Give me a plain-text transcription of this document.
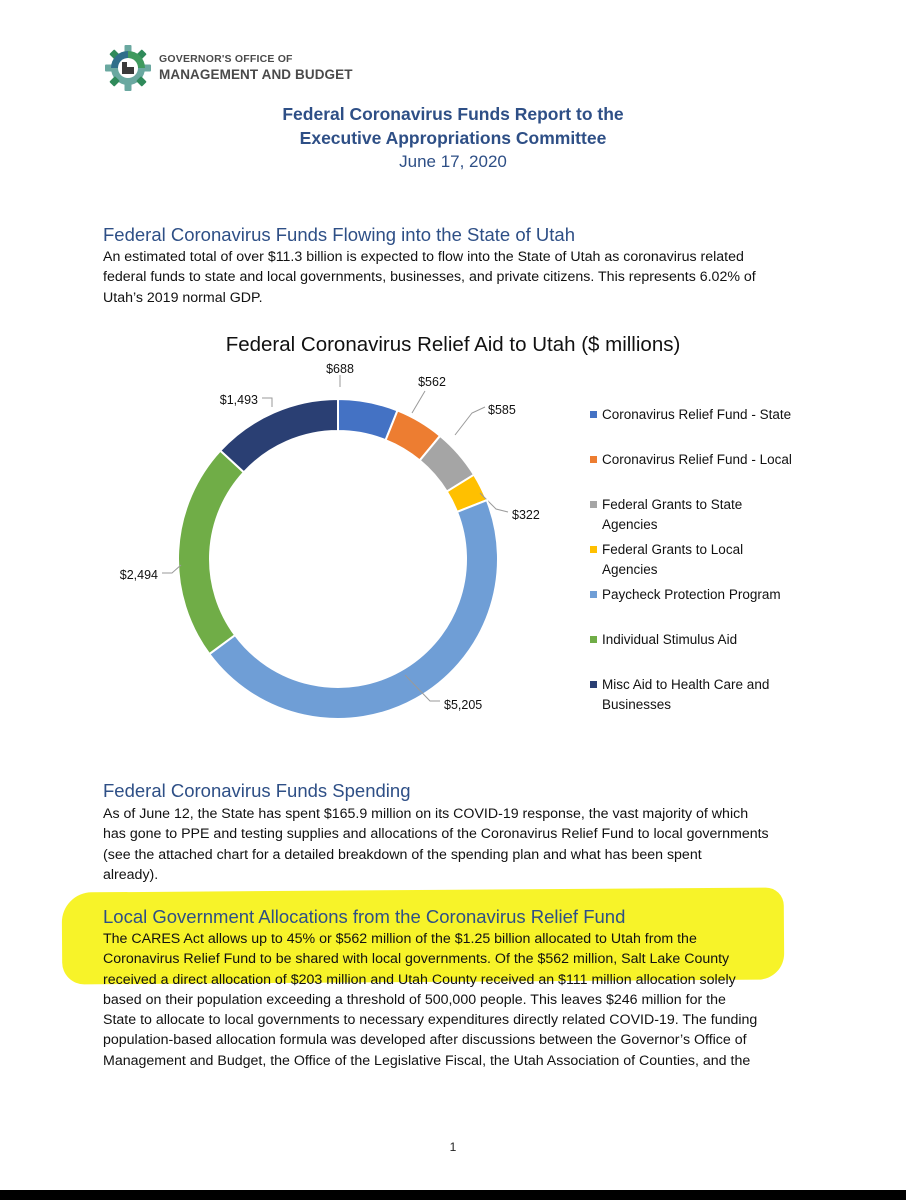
GOVERNOR'S OFFICE OF
MANAGEMENT AND BUDGET
Federal Coronavirus Funds Report to the
Executive Appropriations Committee
June 17, 2020
Federal Coronavirus Funds Flowing into the State of Utah
An estimated total of over $11.3 billion is expected to flow into the State of Utah as coronavirus related
federal funds to state and local governments, businesses, and private citizens. This represents 6.02% of
Utah’s 2019 normal GDP.
Federal Coronavirus Relief Aid to Utah ($ millions)
$688
$562
$585
$322
$5,205
$2,494
$1,493
Coronavirus Relief Fund - State
Coronavirus Relief Fund - Local
Federal Grants to State
Agencies
Federal Grants to Local
Agencies
Paycheck Protection Program
Individual Stimulus Aid
Misc Aid to Health Care and
Businesses
Federal Coronavirus Funds Spending
As of June 12, the State has spent $165.9 million on its COVID-19 response, the vast majority of which
has gone to PPE and testing supplies and allocations of the Coronavirus Relief Fund to local governments
(see the attached chart for a detailed breakdown of the spending plan and what has been spent
already).
Local Government Allocations from the Coronavirus Relief Fund
The CARES Act allows up to 45% or $562 million of the $1.25 billion allocated to Utah from the
Coronavirus Relief Fund to be shared with local governments. Of the $562 million, Salt Lake County
received a direct allocation of $203 million and Utah County received an $111 million allocation solely
based on their population exceeding a threshold of 500,000 people. This leaves $246 million for the
State to allocate to local governments to necessary expenditures directly related COVID-19. The funding
population-based allocation formula was developed after discussions between the Governor’s Office of
Management and Budget, the Office of the Legislative Fiscal, the Utah Association of Counties, and the
1
